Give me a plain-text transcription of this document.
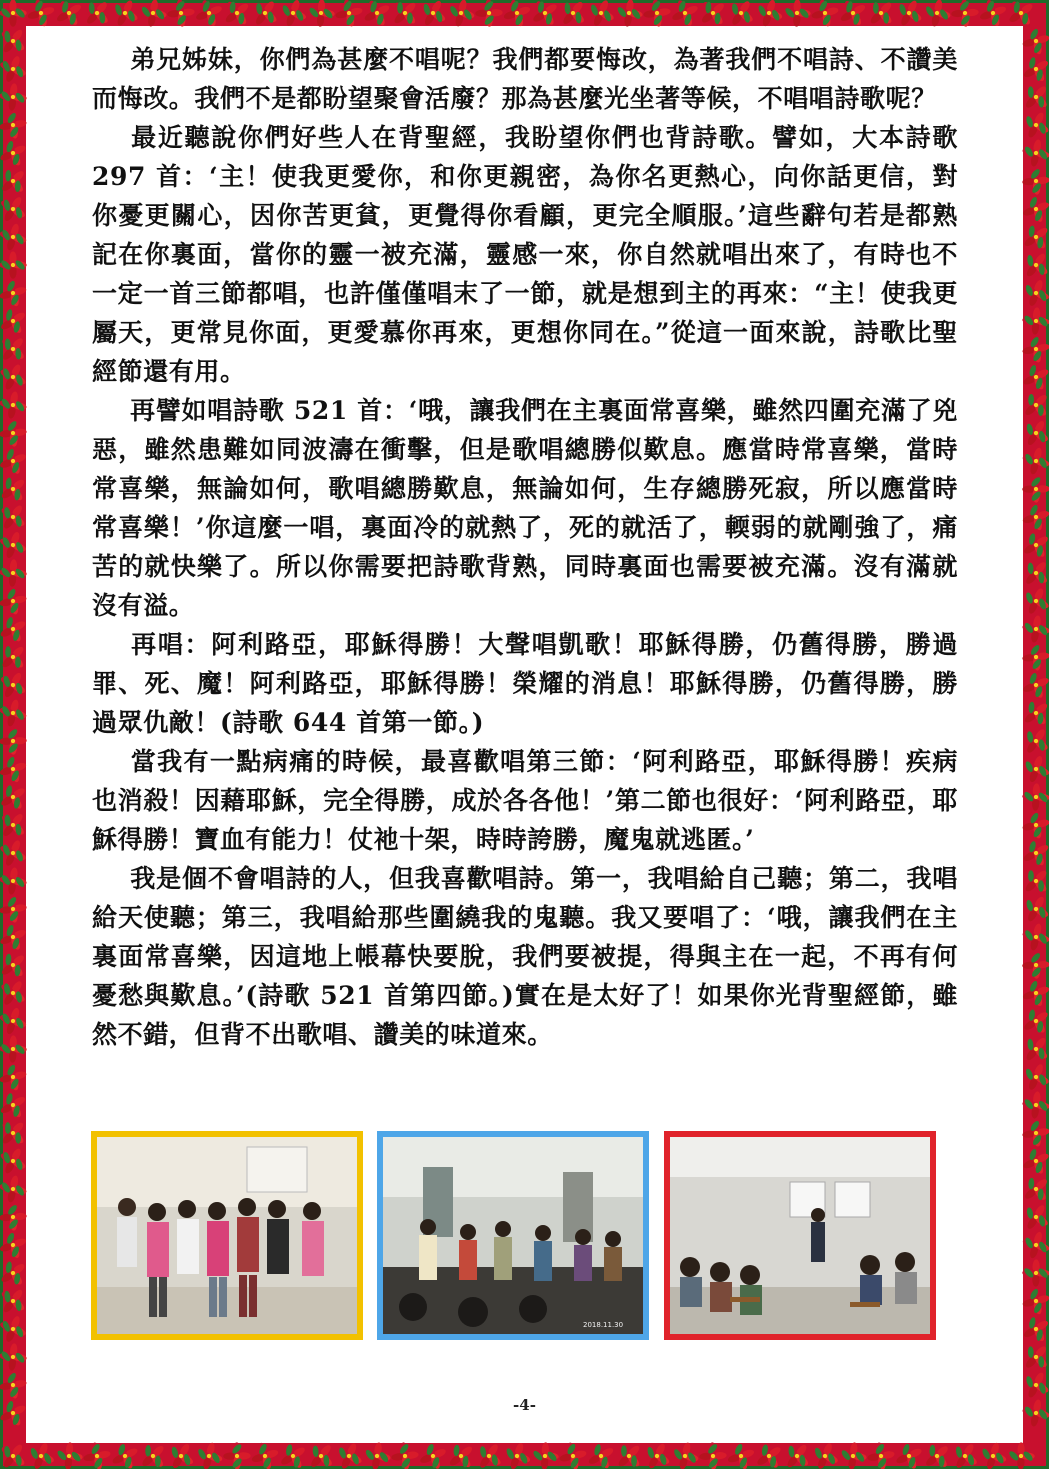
弟兄姊妹，你們為甚麼不唱呢？我們都要悔改，為著我們不唱詩、不讚美而悔改。我們不是都盼望聚會活廢？那為甚麼光坐著等候，不唱唱詩歌呢？

最近聽說你們好些人在背聖經，我盼望你們也背詩歌。譬如，大本詩歌 297 首：‘主！使我更愛你，和你更親密，為你名更熱心，向你話更信，對你憂更關心，因你苦更貧，更覺得你看顧，更完全順服。’這些辭句若是都熟記在你裏面，當你的靈一被充滿，靈感一來，你自然就唱出來了，有時也不一定一首三節都唱，也許僅僅唱末了一節，就是想到主的再來：“主！使我更屬天，更常見你面，更愛慕你再來，更想你同在。”從這一面來說，詩歌比聖經節還有用。

再譬如唱詩歌 521 首：‘哦，讓我們在主裏面常喜樂，雖然四圍充滿了兇惡，雖然患難如同波濤在衝擊，但是歌唱總勝似歎息。應當時常喜樂，當時常喜樂，無論如何，歌唱總勝歎息，無論如何，生存總勝死寂，所以應當時常喜樂！’你這麼一唱，裏面冷的就熱了，死的就活了，輭弱的就剛強了，痛苦的就快樂了。所以你需要把詩歌背熟，同時裏面也需要被充滿。沒有滿就沒有溢。

再唱：阿利路亞，耶穌得勝！大聲唱凱歌！耶穌得勝，仍舊得勝，勝過罪、死、魔！阿利路亞，耶穌得勝！榮耀的消息！耶穌得勝，仍舊得勝，勝過眾仇敵！(詩歌 644 首第一節。)

當我有一點病痛的時候，最喜歡唱第三節：‘阿利路亞，耶穌得勝！疾病也消殺！因藉耶穌，完全得勝，成於各各他！’第二節也很好：‘阿利路亞，耶穌得勝！寶血有能力！仗祂十架，時時誇勝，魔鬼就逃匿。’

我是個不會唱詩的人，但我喜歡唱詩。第一，我唱給自己聽；第二，我唱給天使聽；第三，我唱給那些圍繞我的鬼聽。我又要唱了：‘哦，讓我們在主裏面常喜樂，因這地上帳幕快要脫，我們要被提，得與主在一起，不再有何憂愁與歎息。’(詩歌 521 首第四節。)實在是太好了！如果你光背聖經節，雖然不錯，但背不出歌唱、讚美的味道來。

2018.11.30
-4-
